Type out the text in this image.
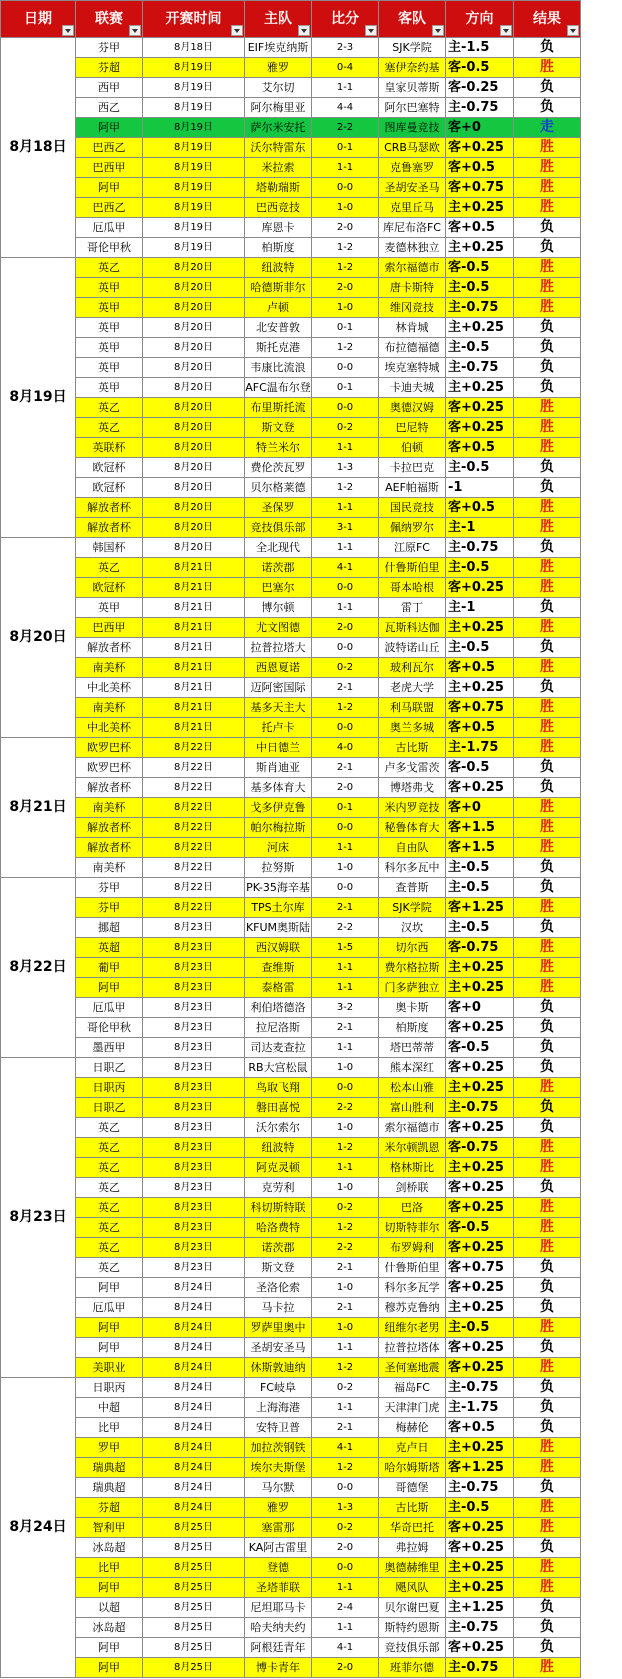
日期	联赛	开赛时间	主队	比分	客队	方向	结果

8月18日	芬甲	8月18日	EIF埃克纳斯	2-3	SJK学院	主-1.5	负
	芬超	8月19日	雅罗	0-4	塞伊奈约基	客-0.5	胜
	西甲	8月19日	艾尔切	1-1	皇家贝蒂斯	客-0.25	负
	西乙	8月19日	阿尔梅里亚	4-4	阿尔巴塞特	主-0.75	负
	阿甲	8月19日	萨尔米安托	2-2	图库曼竞技	客+0	走
	巴西乙	8月19日	沃尔特雷东	0-1	CRB马瑟欧	客+0.25	胜
	巴西甲	8月19日	米拉索	1-1	克鲁塞罗	客+0.5	胜
	阿甲	8月19日	塔勒瑞斯	0-0	圣胡安圣马	客+0.75	胜
	巴西乙	8月19日	巴西竞技	1-0	克里丘马	主+0.25	胜
	厄瓜甲	8月19日	库恩卡	2-0	库尼布洛FC	客+0.5	负
	哥伦甲秋	8月19日	柏斯度	1-2	麦德林独立	主+0.25	负
8月19日	英乙	8月20日	纽波特	1-2	索尔福德市	客-0.5	胜
	英甲	8月20日	哈德斯菲尔	2-0	唐卡斯特	主-0.5	胜
	英甲	8月20日	卢顿	1-0	维冈竞技	主-0.75	胜
	英甲	8月20日	北安普敦	0-1	林肯城	主+0.25	负
	英甲	8月20日	斯托克港	1-2	布拉德福德	主-0.5	负
	英甲	8月20日	韦康比流浪	0-0	埃克塞特城	主-0.75	负
	英甲	8月20日	AFC温布尔登	0-1	卡迪夫城	主+0.25	负
	英乙	8月20日	布里斯托流	0-0	奥德汉姆	客+0.25	胜
	英乙	8月20日	斯文登	0-2	巴尼特	客+0.25	胜
	英联杯	8月20日	特兰米尔	1-1	伯顿	客+0.5	胜
	欧冠杯	8月20日	费伦茨瓦罗	1-3	卡拉巴克	主-0.5	负
	欧冠杯	8月20日	贝尔格莱德	1-2	AEF帕福斯	-1	负
	解放者杯	8月20日	圣保罗	1-1	国民竞技	客+0.5	胜
	解放者杯	8月20日	竞技俱乐部	3-1	佩纳罗尔	主-1	胜
8月20日	韩国杯	8月20日	全北现代	1-1	江原FC	主-0.75	负
	英乙	8月21日	诺茨郡	4-1	什鲁斯伯里	主-0.5	胜
	欧冠杯	8月21日	巴塞尔	0-0	哥本哈根	客+0.25	胜
	英甲	8月21日	博尔顿	1-1	雷丁	主-1	负
	巴西甲	8月21日	尤文图德	2-0	瓦斯科达伽	主+0.25	胜
	解放者杯	8月21日	拉普拉塔大	0-0	波特诺山丘	主-0.5	负
	南美杯	8月21日	西恩夏诺	0-2	玻利瓦尔	客+0.5	胜
	中北美杯	8月21日	迈阿密国际	2-1	老虎大学	主+0.25	负
	南美杯	8月21日	基多天主大	1-2	利马联盟	客+0.75	胜
	中北美杯	8月21日	托卢卡	0-0	奥兰多城	客+0.5	胜
8月21日	欧罗巴杯	8月22日	中日德兰	4-0	古比斯	主-1.75	胜
	欧罗巴杯	8月22日	斯肖迪亚	2-1	卢多戈雷茨	客-0.5	负
	解放者杯	8月22日	基多体育大	2-0	博塔弗戈	客+0.25	负
	南美杯	8月22日	戈多伊克鲁	0-1	米内罗竞技	客+0	胜
	解放者杯	8月22日	帕尔梅拉斯	0-0	秘鲁体育大	客+1.5	胜
	解放者杯	8月22日	河床	1-1	自由队	客+1.5	胜
	南美杯	8月22日	拉努斯	1-0	科尔多瓦中	主-0.5	负
8月22日	芬甲	8月22日	PK-35海辛基	0-0	查普斯	主-0.5	负
	芬甲	8月22日	TPS土尔库	2-1	SJK学院	客+1.25	胜
	挪超	8月23日	KFUM奥斯陆	2-2	汉坎	主-0.5	负
	英超	8月23日	西汉姆联	1-5	切尔西	客-0.75	胜
	葡甲	8月23日	查维斯	1-1	费尔格拉斯	主+0.25	胜
	阿甲	8月23日	泰格雷	1-1	门多萨独立	主+0.25	胜
	厄瓜甲	8月23日	利伯塔德洛	3-2	奥卡斯	客+0	负
	哥伦甲秋	8月23日	拉尼洛斯	2-1	柏斯度	客+0.25	负
	墨西甲	8月23日	司达麦查拉	1-1	塔巴蒂蒂	客-0.5	负
8月23日	日职乙	8月23日	RB大宫松鼠	1-0	熊本深红	客+0.25	负
	日职丙	8月23日	鸟取飞翔	0-0	松本山雅	主+0.25	胜
	日职乙	8月23日	磐田喜悦	2-2	富山胜利	主-0.75	负
	英乙	8月23日	沃尔索尔	1-0	索尔福德市	客+0.25	负
	英乙	8月23日	纽波特	1-2	米尔顿凯恩	客-0.75	胜
	英乙	8月23日	阿克灵顿	1-1	格林斯比	主+0.25	胜
	英乙	8月23日	克劳利	1-0	剑桥联	客+0.25	负
	英乙	8月23日	科切斯特联	0-2	巴洛	客+0.25	胜
	英乙	8月23日	哈洛费特	1-2	切斯特菲尔	客-0.5	胜
	英乙	8月23日	诺茨郡	2-2	布罗姆利	客+0.25	胜
	英乙	8月23日	斯文登	2-1	什鲁斯伯里	客+0.75	负
	阿甲	8月24日	圣洛伦索	1-0	科尔多瓦学	客+0.25	负
	厄瓜甲	8月24日	马卡拉	2-1	穆苏克鲁纳	主+0.25	负
	阿甲	8月24日	罗萨里奥中	1-0	纽维尔老男	主-0.5	胜
	阿甲	8月24日	圣胡安圣马	1-1	拉普拉塔体	客+0.25	负
	美职业	8月24日	休斯敦迪纳	1-2	圣何塞地震	客+0.25	胜
8月24日	日职丙	8月24日	FC岐阜	0-2	福岛FC	主-0.75	负
	中超	8月24日	上海海港	1-1	天津津门虎	主-1.75	负
	比甲	8月24日	安特卫普	2-1	梅赫伦	客+0.5	负
	罗甲	8月24日	加拉茨钢铁	4-1	克卢日	主+0.25	胜
	瑞典超	8月24日	埃尔夫斯堡	1-2	哈尔姆斯塔	客+1.25	胜
	瑞典超	8月24日	马尔默	0-0	哥德堡	主-0.75	负
	芬超	8月24日	雅罗	1-3	古比斯	主-0.5	胜
	智利甲	8月25日	塞雷那	0-2	华奇巴托	客+0.25	胜
	冰岛超	8月25日	KA阿古雷里	2-0	弗拉姆	客+0.25	负
	比甲	8月25日	登德	0-0	奥德赫维里	主+0.25	胜
	阿甲	8月25日	圣塔菲联	1-1	飓风队	主+0.25	胜
	以超	8月25日	尼坦耶马卡	2-4	贝尔谢巴夏	主+1.25	负
	冰岛超	8月25日	哈夫纳夫约	1-1	斯特约恩斯	主-0.75	负
	阿甲	8月25日	阿根廷青年	4-1	竞技俱乐部	客+0.25	负
	阿甲	8月25日	博卡青年	2-0	班菲尔德	主-0.75	胜
